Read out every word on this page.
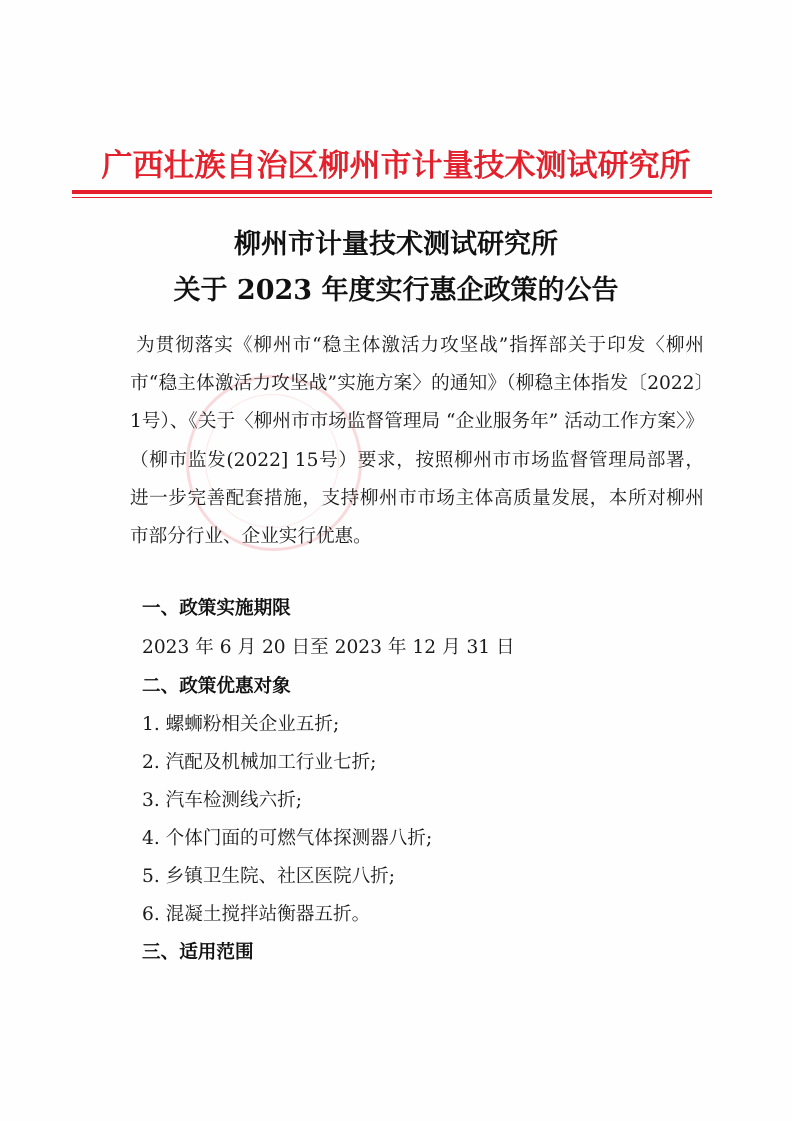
广西壮族自治区柳州市计量技术测试研究所
柳州市计量技术测试研究所
关于 2023 年度实行惠企政策的公告

为贯彻落实《柳州市“稳主体激活力攻坚战”指挥部关于印发〈柳州市“稳主体激活力攻坚战”实施方案〉的通知》（柳稳主体指发〔2022〕1号）、《关于〈柳州市市场监督管理局 “企业服务年” 活动工作方案〉》（柳市监发(2022] 15号）要求，按照柳州市市场监督管理局部署，进一步完善配套措施，支持柳州市市场主体高质量发展，本所对柳州市部分行业、企业实行优惠。

一、政策实施期限
2023 年 6 月 20 日至 2023 年 12 月 31 日
二、政策优惠对象
1. 螺蛳粉相关企业五折;
2. 汽配及机械加工行业七折;
3. 汽车检测线六折;
4. 个体门面的可燃气体探测器八折;
5. 乡镇卫生院、社区医院八折;
6. 混凝土搅拌站衡器五折。
三、适用范围
